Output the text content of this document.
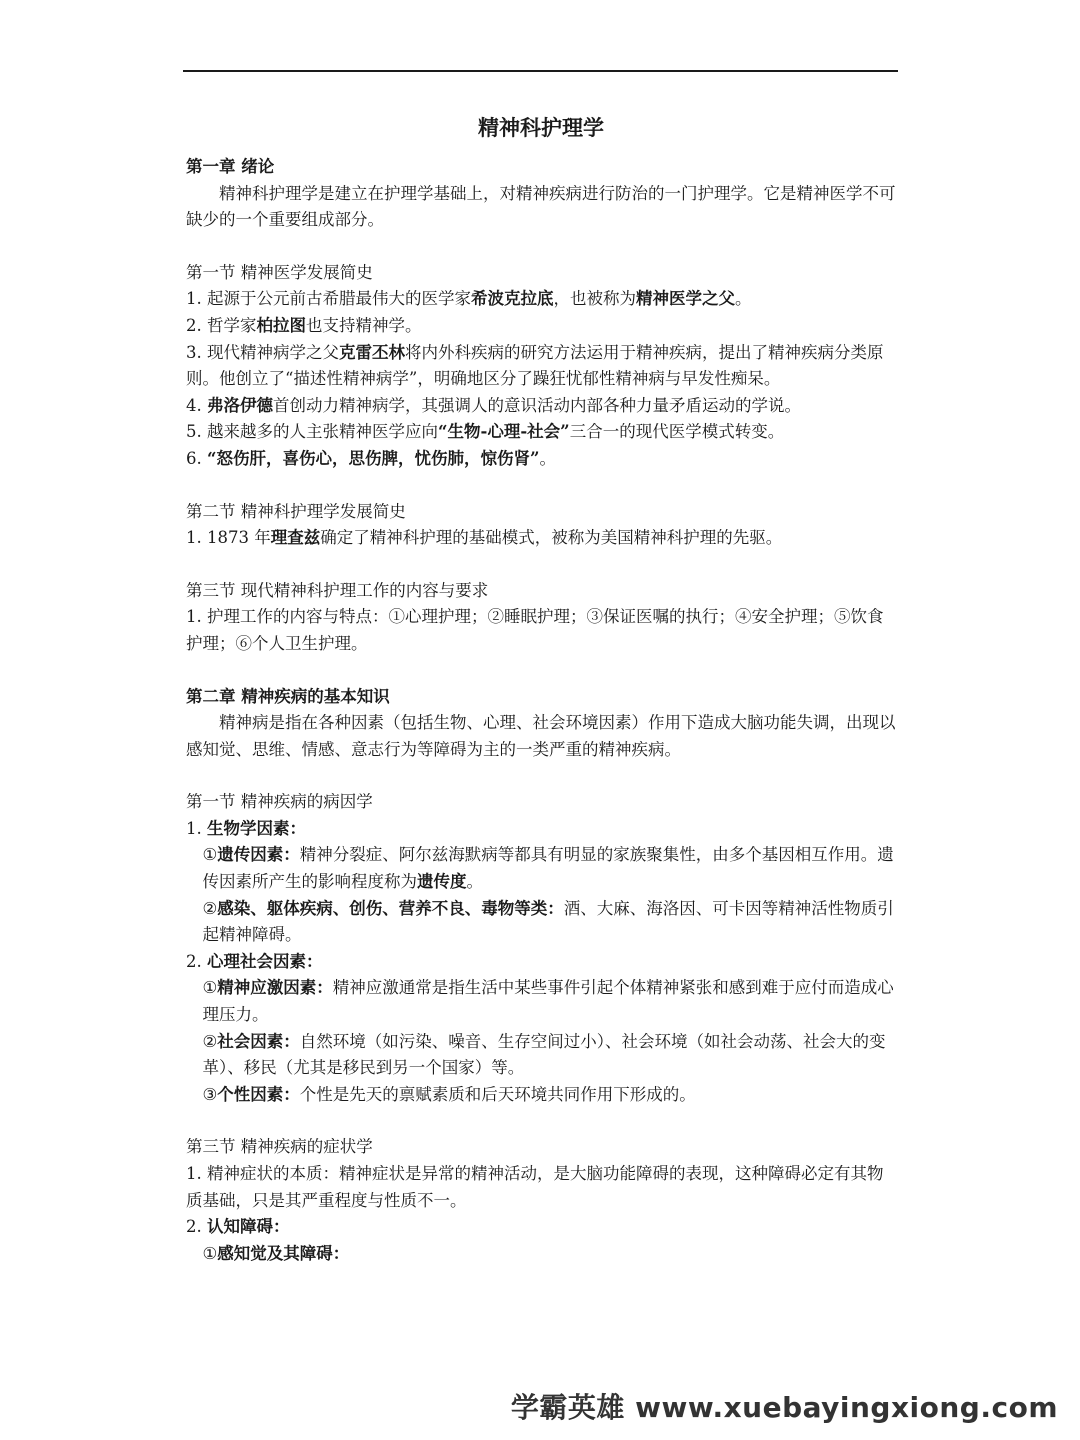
精神科护理学

第一章 绪论

精神科护理学是建立在护理学基础上，对精神疾病进行防治的一门护理学。它是精神医学不可缺少的一个重要组成部分。

第一节 精神医学发展简史

1. 起源于公元前古希腊最伟大的医学家希波克拉底，也被称为精神医学之父。

2. 哲学家柏拉图也支持精神学。

3. 现代精神病学之父克雷丕林将内外科疾病的研究方法运用于精神疾病，提出了精神疾病分类原则。他创立了“描述性精神病学”，明确地区分了躁狂忧郁性精神病与早发性痴呆。

4. 弗洛伊德首创动力精神病学，其强调人的意识活动内部各种力量矛盾运动的学说。

5. 越来越多的人主张精神医学应向“生物-心理-社会”三合一的现代医学模式转变。

6. “怒伤肝，喜伤心，思伤脾，忧伤肺，惊伤肾”。

第二节 精神科护理学发展简史

1. 1873 年理查兹确定了精神科护理的基础模式，被称为美国精神科护理的先驱。

第三节 现代精神科护理工作的内容与要求

1. 护理工作的内容与特点：①心理护理；②睡眠护理；③保证医嘱的执行；④安全护理；⑤饮食护理；⑥个人卫生护理。

第二章 精神疾病的基本知识

精神病是指在各种因素（包括生物、心理、社会环境因素）作用下造成大脑功能失调，出现以感知觉、思维、情感、意志行为等障碍为主的一类严重的精神疾病。

第一节 精神疾病的病因学

1. 生物学因素：

①遗传因素：精神分裂症、阿尔兹海默病等都具有明显的家族聚集性，由多个基因相互作用。遗传因素所产生的影响程度称为遗传度。

②感染、躯体疾病、创伤、营养不良、毒物等类：酒、大麻、海洛因、可卡因等精神活性物质引起精神障碍。

2. 心理社会因素：

①精神应激因素：精神应激通常是指生活中某些事件引起个体精神紧张和感到难于应付而造成心理压力。

②社会因素：自然环境（如污染、噪音、生存空间过小）、社会环境（如社会动荡、社会大的变革）、移民（尤其是移民到另一个国家）等。

③个性因素：个性是先天的禀赋素质和后天环境共同作用下形成的。

第三节 精神疾病的症状学

1. 精神症状的本质：精神症状是异常的精神活动，是大脑功能障碍的表现，这种障碍必定有其物质基础，只是其严重程度与性质不一。

2. 认知障碍：

①感知觉及其障碍：

学霸英雄 www.xuebayingxiong.com
